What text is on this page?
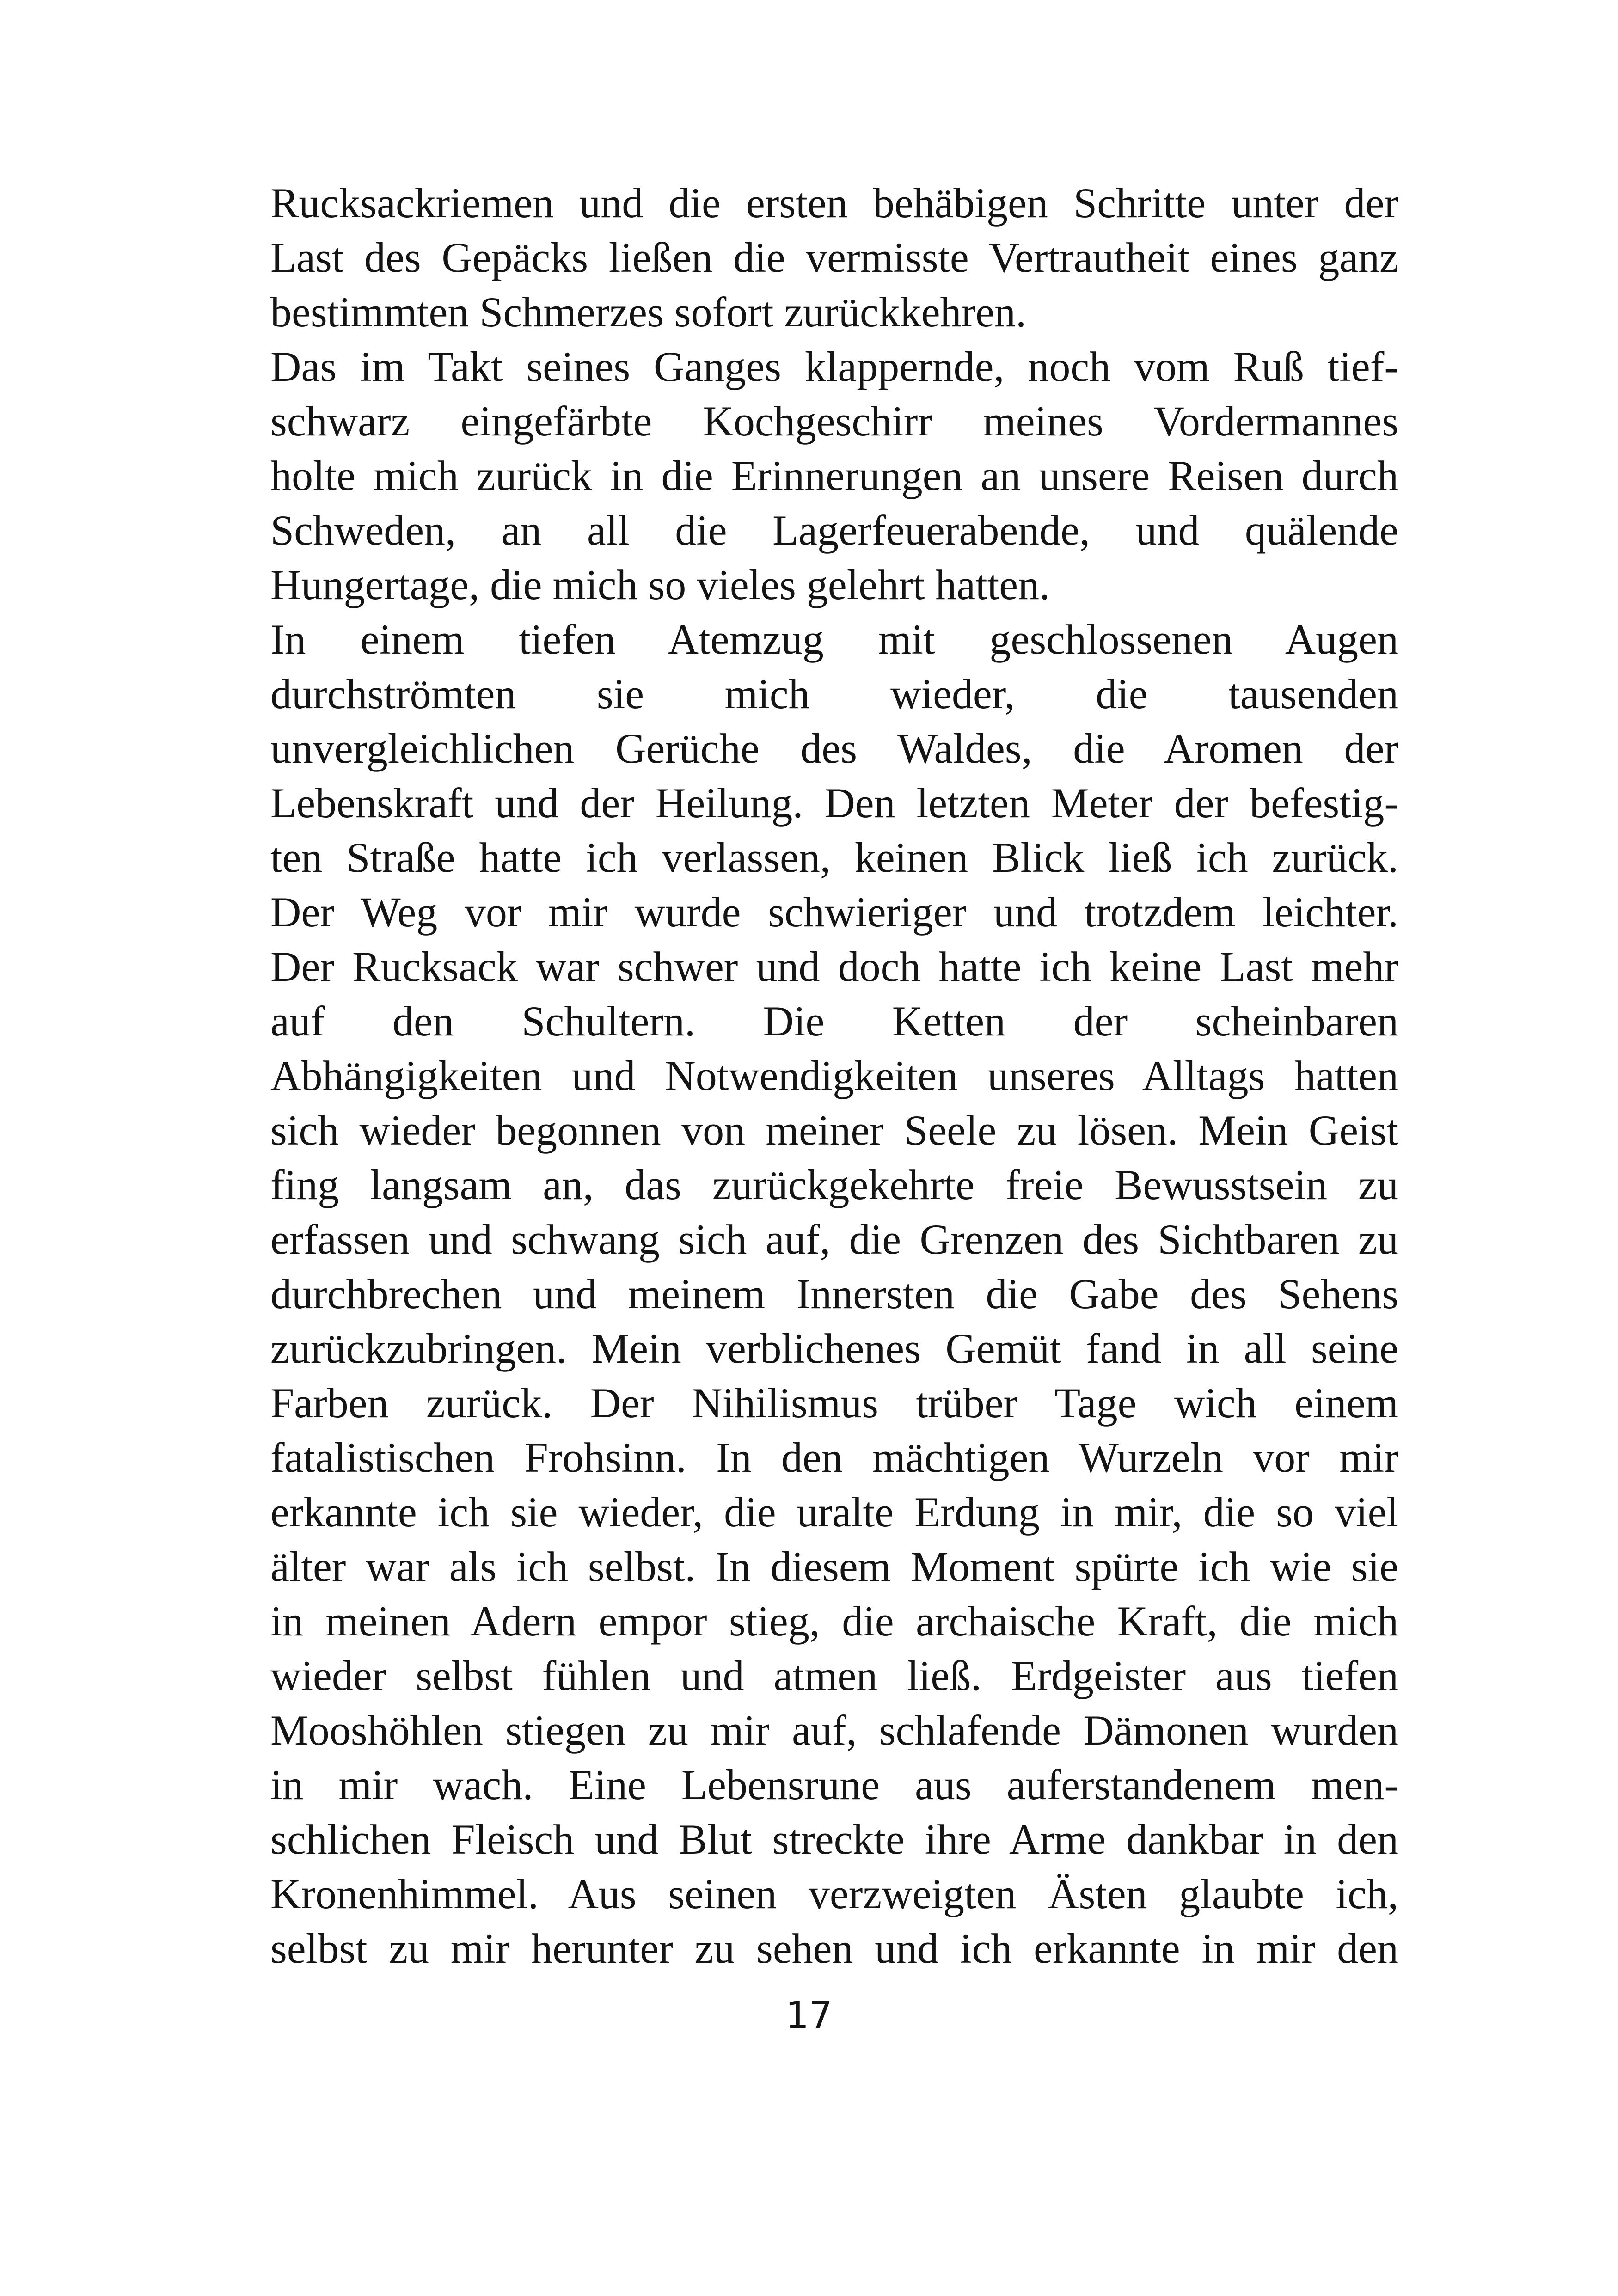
Rucksackriemen und die ersten behäbigen Schritte unter der
Last des Gepäcks ließen die vermisste Vertrautheit eines ganz
bestimmten Schmerzes sofort zurückkehren.
Das im Takt seines Ganges klappernde, noch vom Ruß tief-
schwarz eingefärbte Kochgeschirr meines Vordermannes
holte mich zurück in die Erinnerungen an unsere Reisen durch
Schweden, an all die Lagerfeuerabende, und quälende
Hungertage, die mich so vieles gelehrt hatten.
In einem tiefen Atemzug mit geschlossenen Augen
durchströmten sie mich wieder, die tausenden
unvergleichlichen Gerüche des Waldes, die Aromen der
Lebenskraft und der Heilung. Den letzten Meter der befestig-
ten Straße hatte ich verlassen, keinen Blick ließ ich zurück.
Der Weg vor mir wurde schwieriger und trotzdem leichter.
Der Rucksack war schwer und doch hatte ich keine Last mehr
auf den Schultern. Die Ketten der scheinbaren
Abhängigkeiten und Notwendigkeiten unseres Alltags hatten
sich wieder begonnen von meiner Seele zu lösen. Mein Geist
fing langsam an, das zurückgekehrte freie Bewusstsein zu
erfassen und schwang sich auf, die Grenzen des Sichtbaren zu
durchbrechen und meinem Innersten die Gabe des Sehens
zurückzubringen. Mein verblichenes Gemüt fand in all seine
Farben zurück. Der Nihilismus trüber Tage wich einem
fatalistischen Frohsinn. In den mächtigen Wurzeln vor mir
erkannte ich sie wieder, die uralte Erdung in mir, die so viel
älter war als ich selbst. In diesem Moment spürte ich wie sie
in meinen Adern empor stieg, die archaische Kraft, die mich
wieder selbst fühlen und atmen ließ. Erdgeister aus tiefen
Mooshöhlen stiegen zu mir auf, schlafende Dämonen wurden
in mir wach. Eine Lebensrune aus auferstandenem men-
schlichen Fleisch und Blut streckte ihre Arme dankbar in den
Kronenhimmel. Aus seinen verzweigten Ästen glaubte ich,
selbst zu mir herunter zu sehen und ich erkannte in mir den
17
